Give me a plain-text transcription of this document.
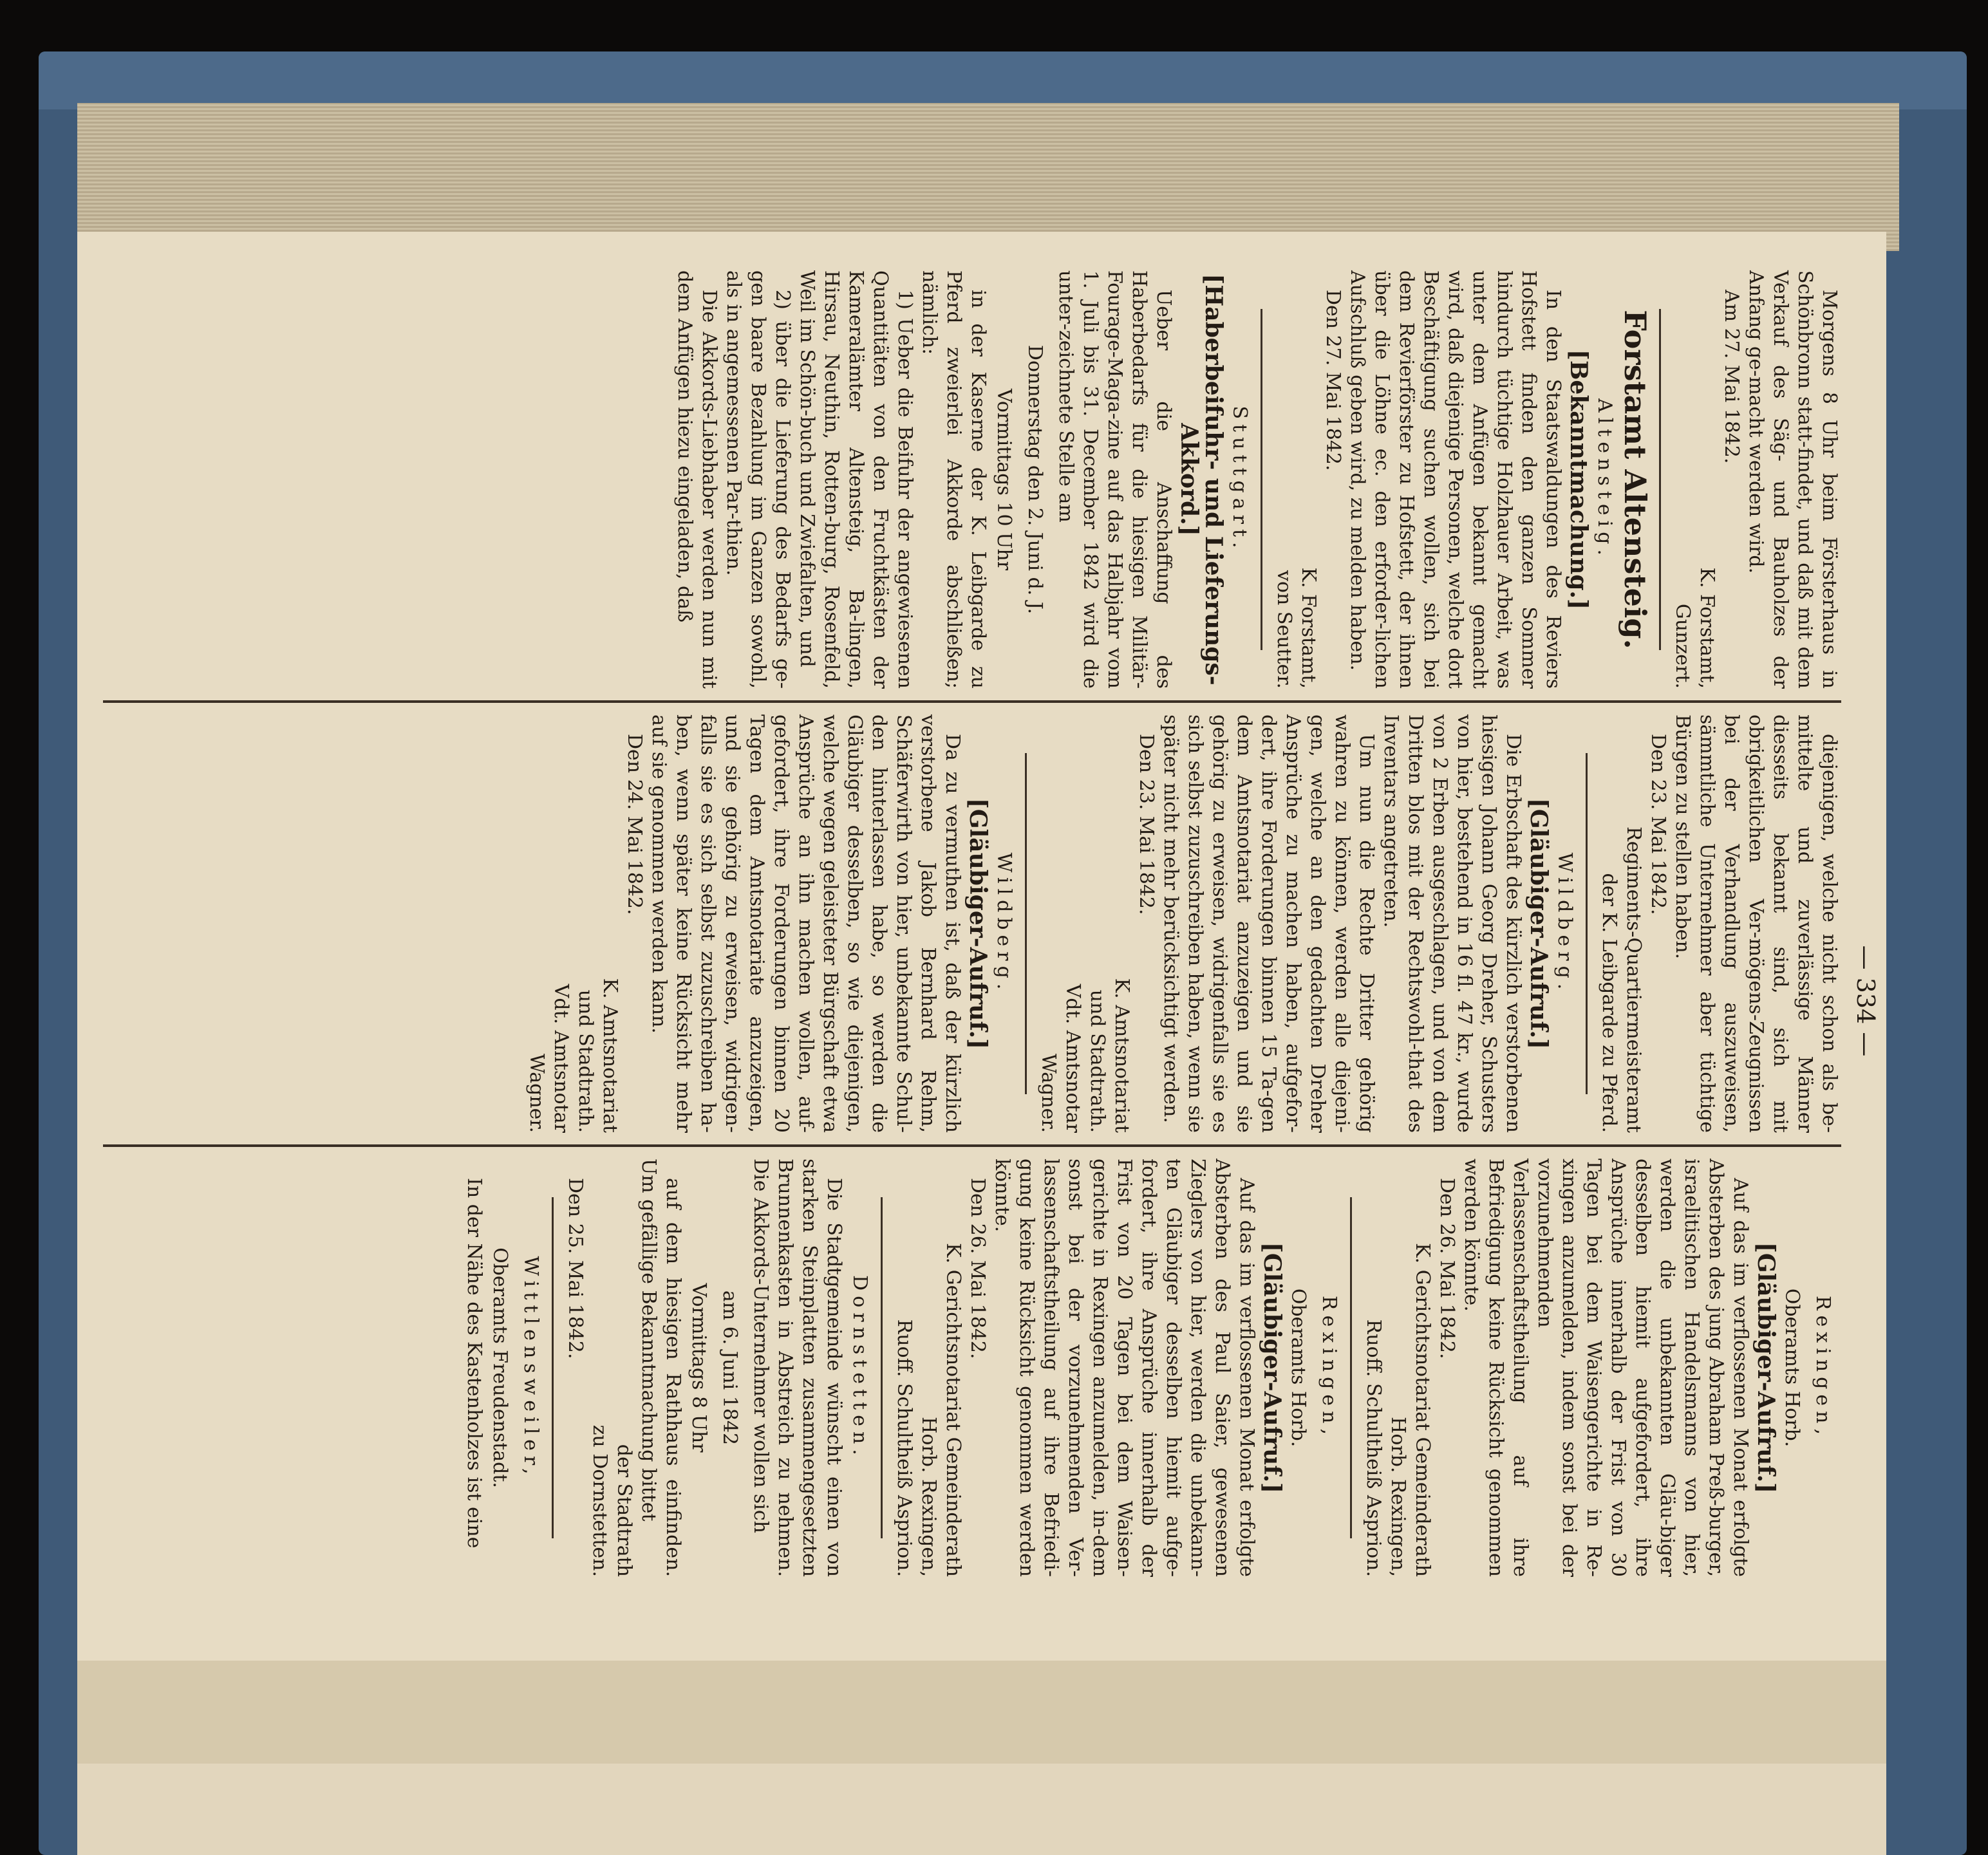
— 334 —
Morgens 8 Uhr beim Försterhaus in Schönbronn statt-findet, und daß mit dem Verkauf des Säg- und Bauholzes der Anfang ge-macht werden wird.
Am 27. Mai 1842.
K. Forstamt,
Gunzert.
Forstamt Altensteig.
Altensteig.
[Bekanntmachung.]
In den Staatswaldungen des Reviers Hofstett finden den ganzen Sommer hindurch tüchtige Holzhauer Arbeit, was unter dem Anfügen bekannt gemacht wird, daß diejenige Personen, welche dort Beschäftigung suchen wollen, sich bei dem Revierförster zu Hofstett, der ihnen über die Löhne ec. den erforder-lichen Aufschluß geben wird, zu melden haben.
Den 27. Mai 1842.
K. Forstamt,
von Seutter.
Stuttgart.
[Haberbeifuhr- und Lieferungs-Akkord.]
Ueber die Anschaffung des Haberbedarfs für die hiesigen Militär-Fourage-Maga-zine auf das Halbjahr vom 1. Juli bis 31. December 1842 wird die unter-zeichnete Stelle am
Donnerstag den 2. Juni d. J.
Vormittags 10 Uhr
in der Kaserne der K. Leibgarde zu Pferd zweierlei Akkorde abschließen; nämlich:
1) Ueber die Beifuhr der angewiesenen Quantitäten von den Fruchtkästen der Kameralämter Altensteig, Ba-lingen, Hirsau, Neuthin, Rotten-burg, Rosenfeld, Weil im Schön-buch und Zwiefalten, und
2) über die Lieferung des Bedarfs ge-gen baare Bezahlung im Ganzen sowohl, als in angemessenen Par-thien.
Die Akkords-Liebhaber werden nun mit dem Anfügen hiezu eingeladen, daß
diejenigen, welche nicht schon als be-mittelte und zuverlässige Männer diesseits bekannt sind, sich mit obrigkeitlichen Ver-mögens-Zeugnissen bei der Verhandlung auszuweisen, sämmtliche Unternehmer aber tüchtige Bürgen zu stellen haben.
Den 23. Mai 1842.
Regiments-Quartiermeisteramt
der K. Leibgarde zu Pferd.
Wildberg.
[Gläubiger-Aufruf.]
Die Erbschaft des kürzlich verstorbenen hiesigen Johann Georg Dreher, Schusters von hier, bestehend in 16 fl. 47 kr., wurde von 2 Erben ausgeschlagen, und von dem Dritten blos mit der Rechtswohl-that des Inventars angetreten.
Um nun die Rechte Dritter gehörig wahren zu können, werden alle diejeni-gen, welche an den gedachten Dreher Ansprüche zu machen haben, aufgefor-dert, ihre Forderungen binnen 15 Ta-gen dem Amtsnotariat anzuzeigen und sie gehörig zu erweisen, widrigenfalls sie es sich selbst zuzuschreiben haben, wenn sie später nicht mehr berücksichtigt werden.
Den 23. Mai 1842.
K. Amtsnotariat
und Stadtrath.
Vdt. Amtsnotar
Wagner.
Wildberg.
[Gläubiger-Aufruf.]
Da zu vermuthen ist, daß der kürzlich verstorbene Jakob Bernhard Rehm, Schäferwirth von hier, unbekannte Schul-den hinterlassen habe, so werden die Gläubiger desselben, so wie diejenigen, welche wegen geleisteter Bürgschaft etwa Ansprüche an ihn machen wollen, auf-gefordert, ihre Forderungen binnen 20 Tagen dem Amtsnotariate anzuzeigen, und sie gehörig zu erweisen, widrigen-falls sie es sich selbst zuzuschreiben ha-ben, wenn später keine Rücksicht mehr auf sie genommen werden kann.
Den 24. Mai 1842.
K. Amtsnotariat
und Stadtrath.
Vdt. Amtsnotar
Wagner.
Rexingen,
Oberamts Horb.
[Gläubiger-Aufruf.]
Auf das im verflossenen Monat erfolgte Absterben des jung Abraham Preß-burger, israelitischen Handelsmanns von hier, werden die unbekannten Gläu-biger desselben hiemit aufgefordert, ihre Ansprüche innerhalb der Frist von 30 Tagen bei dem Waisengerichte in Re-xingen anzumelden, indem sonst bei der vorzunehmenden Verlassenschaftstheilung auf ihre Befriedigung keine Rücksicht genommen werden könnte.
Den 26. Mai 1842.
K. Gerichtsnotariat Gemeinderath
Horb. Rexingen,
Ruoff. Schultheiß Asprion.
Rexingen,
Oberamts Horb.
[Gläubiger-Aufruf.]
Auf das im verflossenen Monat erfolgte Absterben des Paul Saier, gewesenen Zieglers von hier, werden die unbekann-ten Gläubiger desselben hiemit aufge-fordert, ihre Ansprüche innerhalb der Frist von 20 Tagen bei dem Waisen-gerichte in Rexingen anzumelden, in-dem sonst bei der vorzunehmenden Ver-lassenschaftstheilung auf ihre Befriedi-gung keine Rücksicht genommen werden könnte.
Den 26. Mai 1842.
K. Gerichtsnotariat Gemeinderath
Horb. Rexingen,
Ruoff. Schultheiß Asprion.
Dornstetten.
Die Stadtgemeinde wünscht einen von starken Steinplatten zusammengesetzten Brunnenkasten in Abstreich zu nehmen. Die Akkords-Unternehmer wollen sich
am 6. Juni 1842
Vormittags 8 Uhr
auf dem hiesigen Rathhaus einfinden. Um gefällige Bekanntmachung bittet
der Stadtrath
zu Dornstetten.
Den 25. Mai 1842.
Wittlensweiler,
Oberamts Freudenstadt.
In der Nähe des Kastenholzes ist eine
